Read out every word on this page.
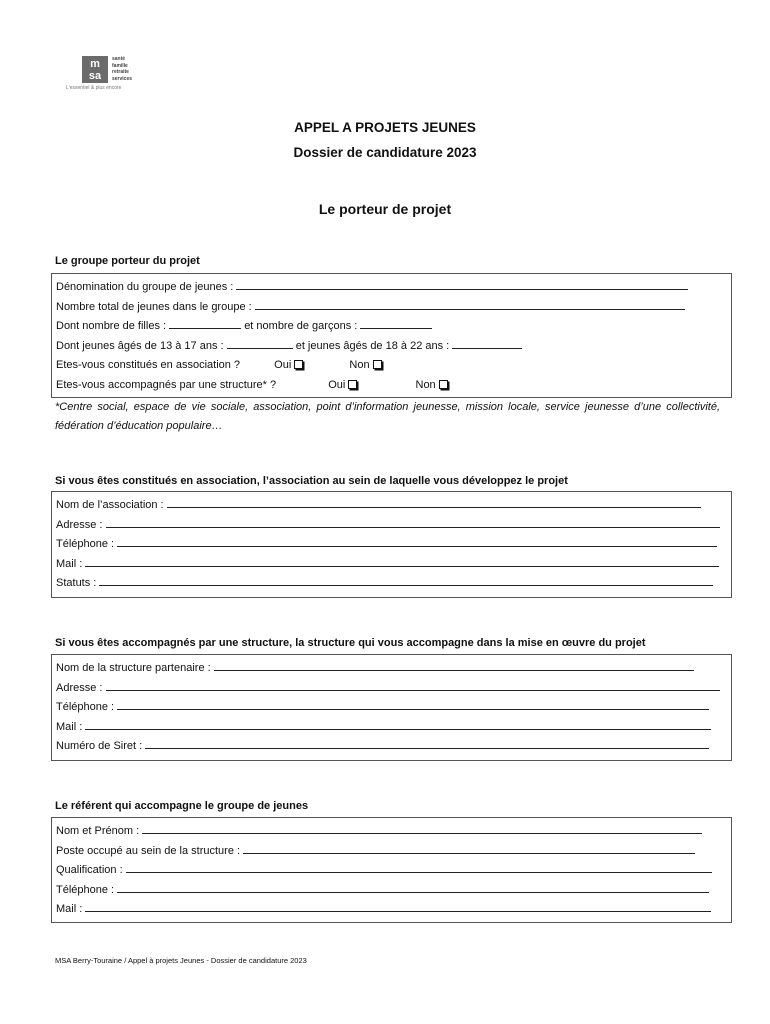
m
sa
santé
famille
retraite
services
L'essentiel & plus encore
APPEL A PROJETS JEUNES
Dossier de candidature 2023
Le porteur de projet
Le groupe porteur du projet
Dénomination du groupe de jeunes :
Nombre total de jeunes dans le groupe :
Dont nombre de filles :	et nombre de garçons :
Dont jeunes âgés de 13 à 17 ans :	et jeunes âgés de 18 à 22 ans :
Etes-vous constitués en association ?	Oui	Non
Etes-vous accompagnés par une structure* ?	Oui	Non
*Centre social, espace de vie sociale, association, point d’information jeunesse, mission locale, service jeunesse d’une collectivité, fédération d’éducation populaire…
Si vous êtes constitués en association, l’association au sein de laquelle vous développez le projet
Nom de l’association :
Adresse :
Téléphone :
Mail :
Statuts :
Si vous êtes accompagnés par une structure, la structure qui vous accompagne dans la mise en œuvre du projet
Nom de la structure partenaire :
Adresse :
Téléphone :
Mail :
Numéro de Siret :
Le référent qui accompagne le groupe de jeunes
Nom et Prénom :
Poste occupé au sein de la structure :
Qualification :
Téléphone :
Mail :
MSA Berry-Touraine / Appel à projets Jeunes - Dossier de candidature 2023
